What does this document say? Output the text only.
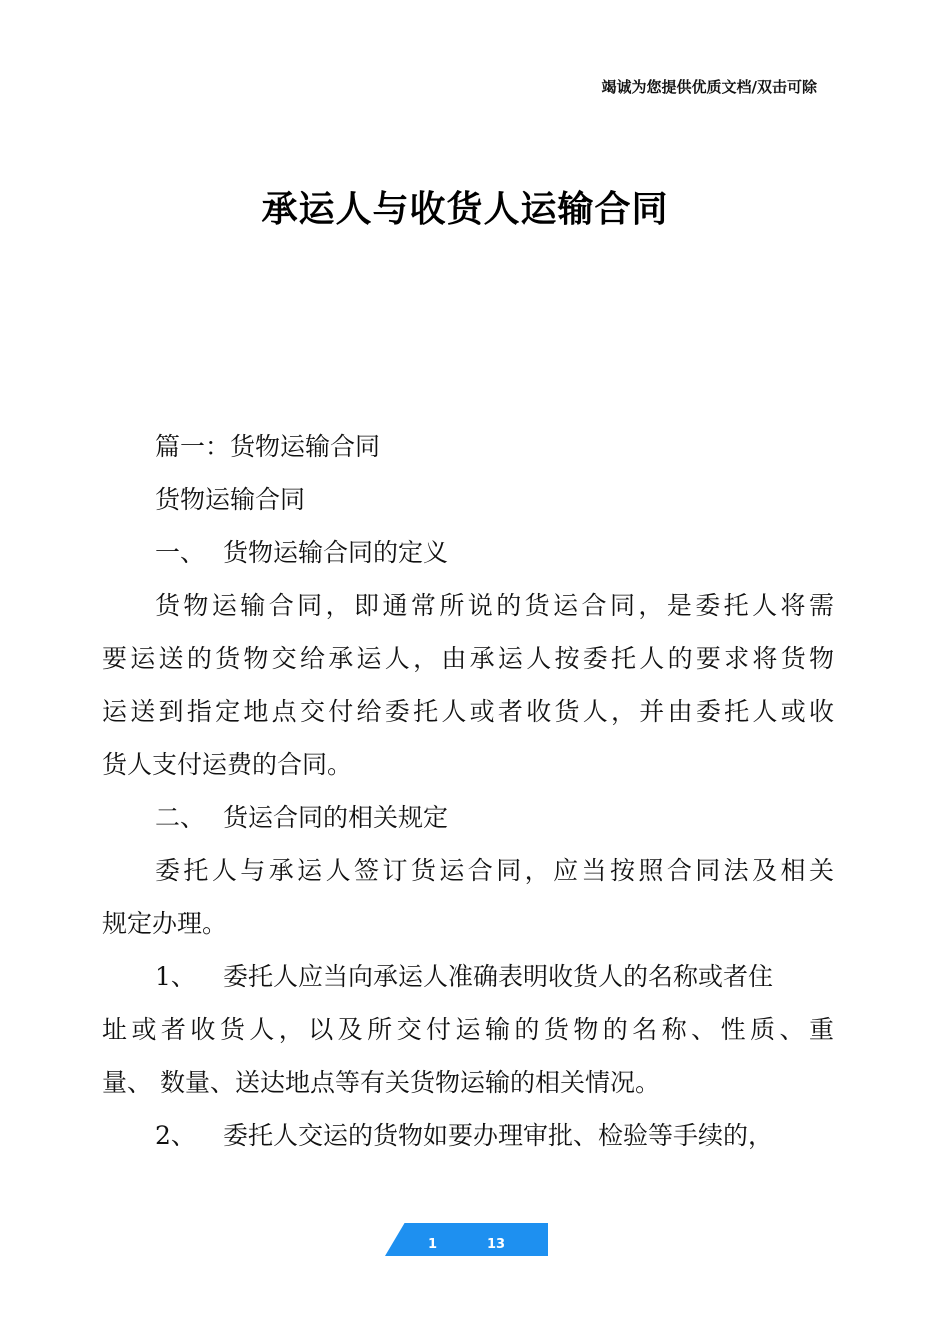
竭诚为您提供优质文档/双击可除
承运人与收货人运输合同
篇一：货物运输合同
货物运输合同
一、 货物运输合同的定义
货物运输合同，即通常所说的货运合同，是委托人将需
要运送的货物交给承运人，由承运人按委托人的要求将货物
运送到指定地点交付给委托人或者收货人，并由委托人或收
货人支付运费的合同。
二、 货运合同的相关规定
委托人与承运人签订货运合同，应当按照合同法及相关
规定办理。
1、 委托人应当向承运人准确表明收货人的名称或者住
址或者收货人，以及所交付运输的货物的名称、性质、重
量、 数量、送达地点等有关货物运输的相关情况。
2、 委托人交运的货物如要办理审批、检验等手续的，
1	13
